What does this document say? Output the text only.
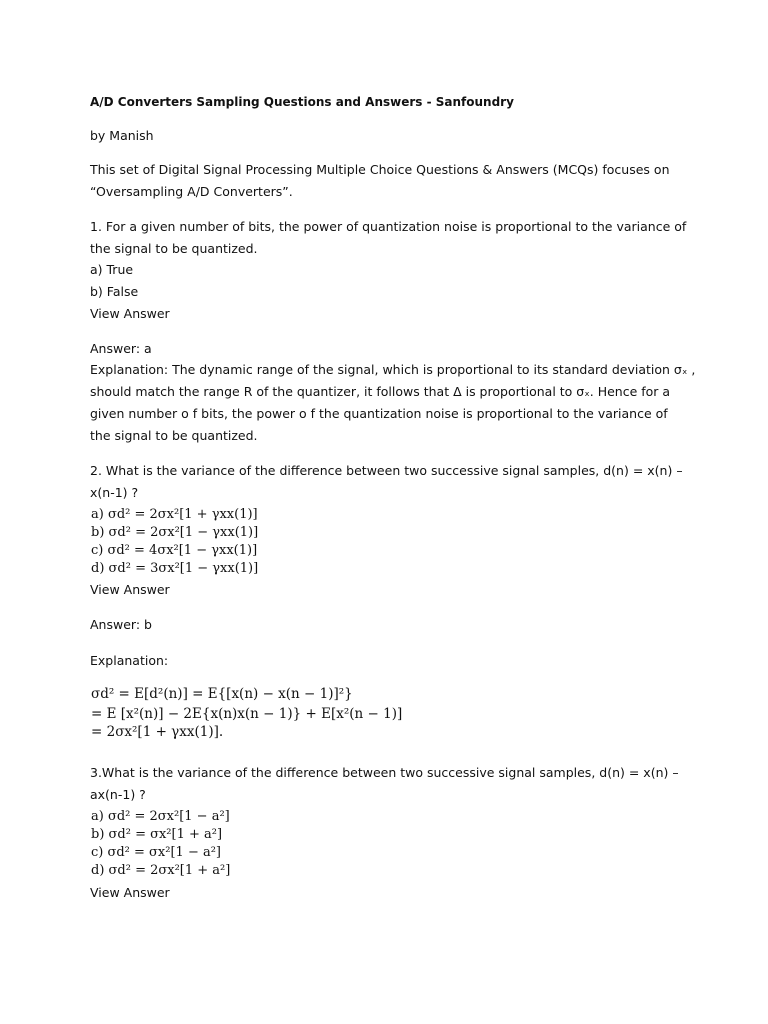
A/D Converters Sampling Questions and Answers - Sanfoundry

by Manish

This set of Digital Signal Processing Multiple Choice Questions & Answers (MCQs) focuses on

“Oversampling A/D Converters”.

1. For a given number of bits, the power of quantization noise is proportional to the variance of

the signal to be quantized.

a) True

b) False

View Answer

Answer: a

Explanation: The dynamic range of the signal, which is proportional to its standard deviation σₓ ,

should match the range R of the quantizer, it follows that Δ is proportional to σₓ. Hence for a

given number o f bits, the power o f the quantization noise is proportional to the variance of

the signal to be quantized.

2. What is the variance of the difference between two successive signal samples, d(n) = x(n) –

x(n-1) ?

a) σd² = 2σx²[1 + γxx(1)]

b) σd² = 2σx²[1 − γxx(1)]

c) σd² = 4σx²[1 − γxx(1)]

d) σd² = 3σx²[1 − γxx(1)]

View Answer

Answer: b

Explanation:

σd² = E[d²(n)] = E{[x(n) − x(n − 1)]²}

= E [x²(n)] − 2E{x(n)x(n − 1)} + E[x²(n − 1)]

= 2σx²[1 + γxx(1)].

3.What is the variance of the difference between two successive signal samples, d(n) = x(n) –

ax(n-1) ?

a) σd² = 2σx²[1 − a²]

b) σd² = σx²[1 + a²]

c) σd² = σx²[1 − a²]

d) σd² = 2σx²[1 + a²]

View Answer
